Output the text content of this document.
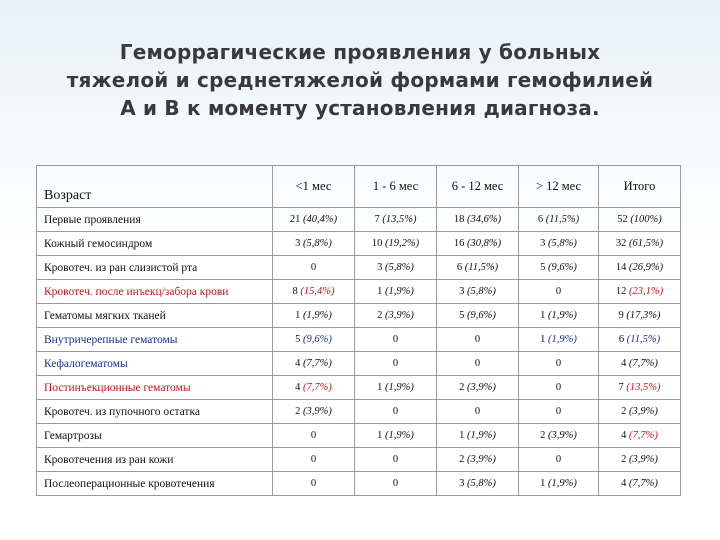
Геморрагические проявления у больных
тяжелой и среднетяжелой формами гемофилией
А и В к моменту установления диагноза.
Возраст	<1 мес	1 - 6 мес	6 - 12 мес	> 12 мес	Итого
Первые проявления	21 (40,4%)	7 (13,5%)	18 (34,6%)	6 (11,5%)	52 (100%)
Кожный гемосиндром	3 (5,8%)	10 (19,2%)	16 (30,8%)	3 (5,8%)	32 (61,5%)
Кровотеч. из ран слизистой рта	0	3 (5,8%)	6 (11,5%)	5 (9,6%)	14 (26,9%)
Кровотеч. после инъекц/забора крови	8 (15,4%)	1 (1,9%)	3 (5,8%)	0	12 (23,1%)
Гематомы мягких тканей	1 (1,9%)	2 (3,9%)	5 (9,6%)	1 (1,9%)	9 (17,3%)
Внутричерепные гематомы	5 (9,6%)	0	0	1 (1,9%)	6 (11,5%)
Кефалогематомы	4 (7,7%)	0	0	0	4 (7,7%)
Постинъекционные гематомы	4 (7,7%)	1 (1,9%)	2 (3,9%)	0	7 (13,5%)
Кровотеч. из пупочного остатка	2 (3,9%)	0	0	0	2 (3,9%)
Гемартрозы	0	1 (1,9%)	1 (1,9%)	2 (3,9%)	4 (7,7%)
Кровотечения из ран кожи	0	0	2 (3,9%)	0	2 (3,9%)
Послеоперационные кровотечения	0	0	3 (5,8%)	1 (1,9%)	4 (7,7%)
